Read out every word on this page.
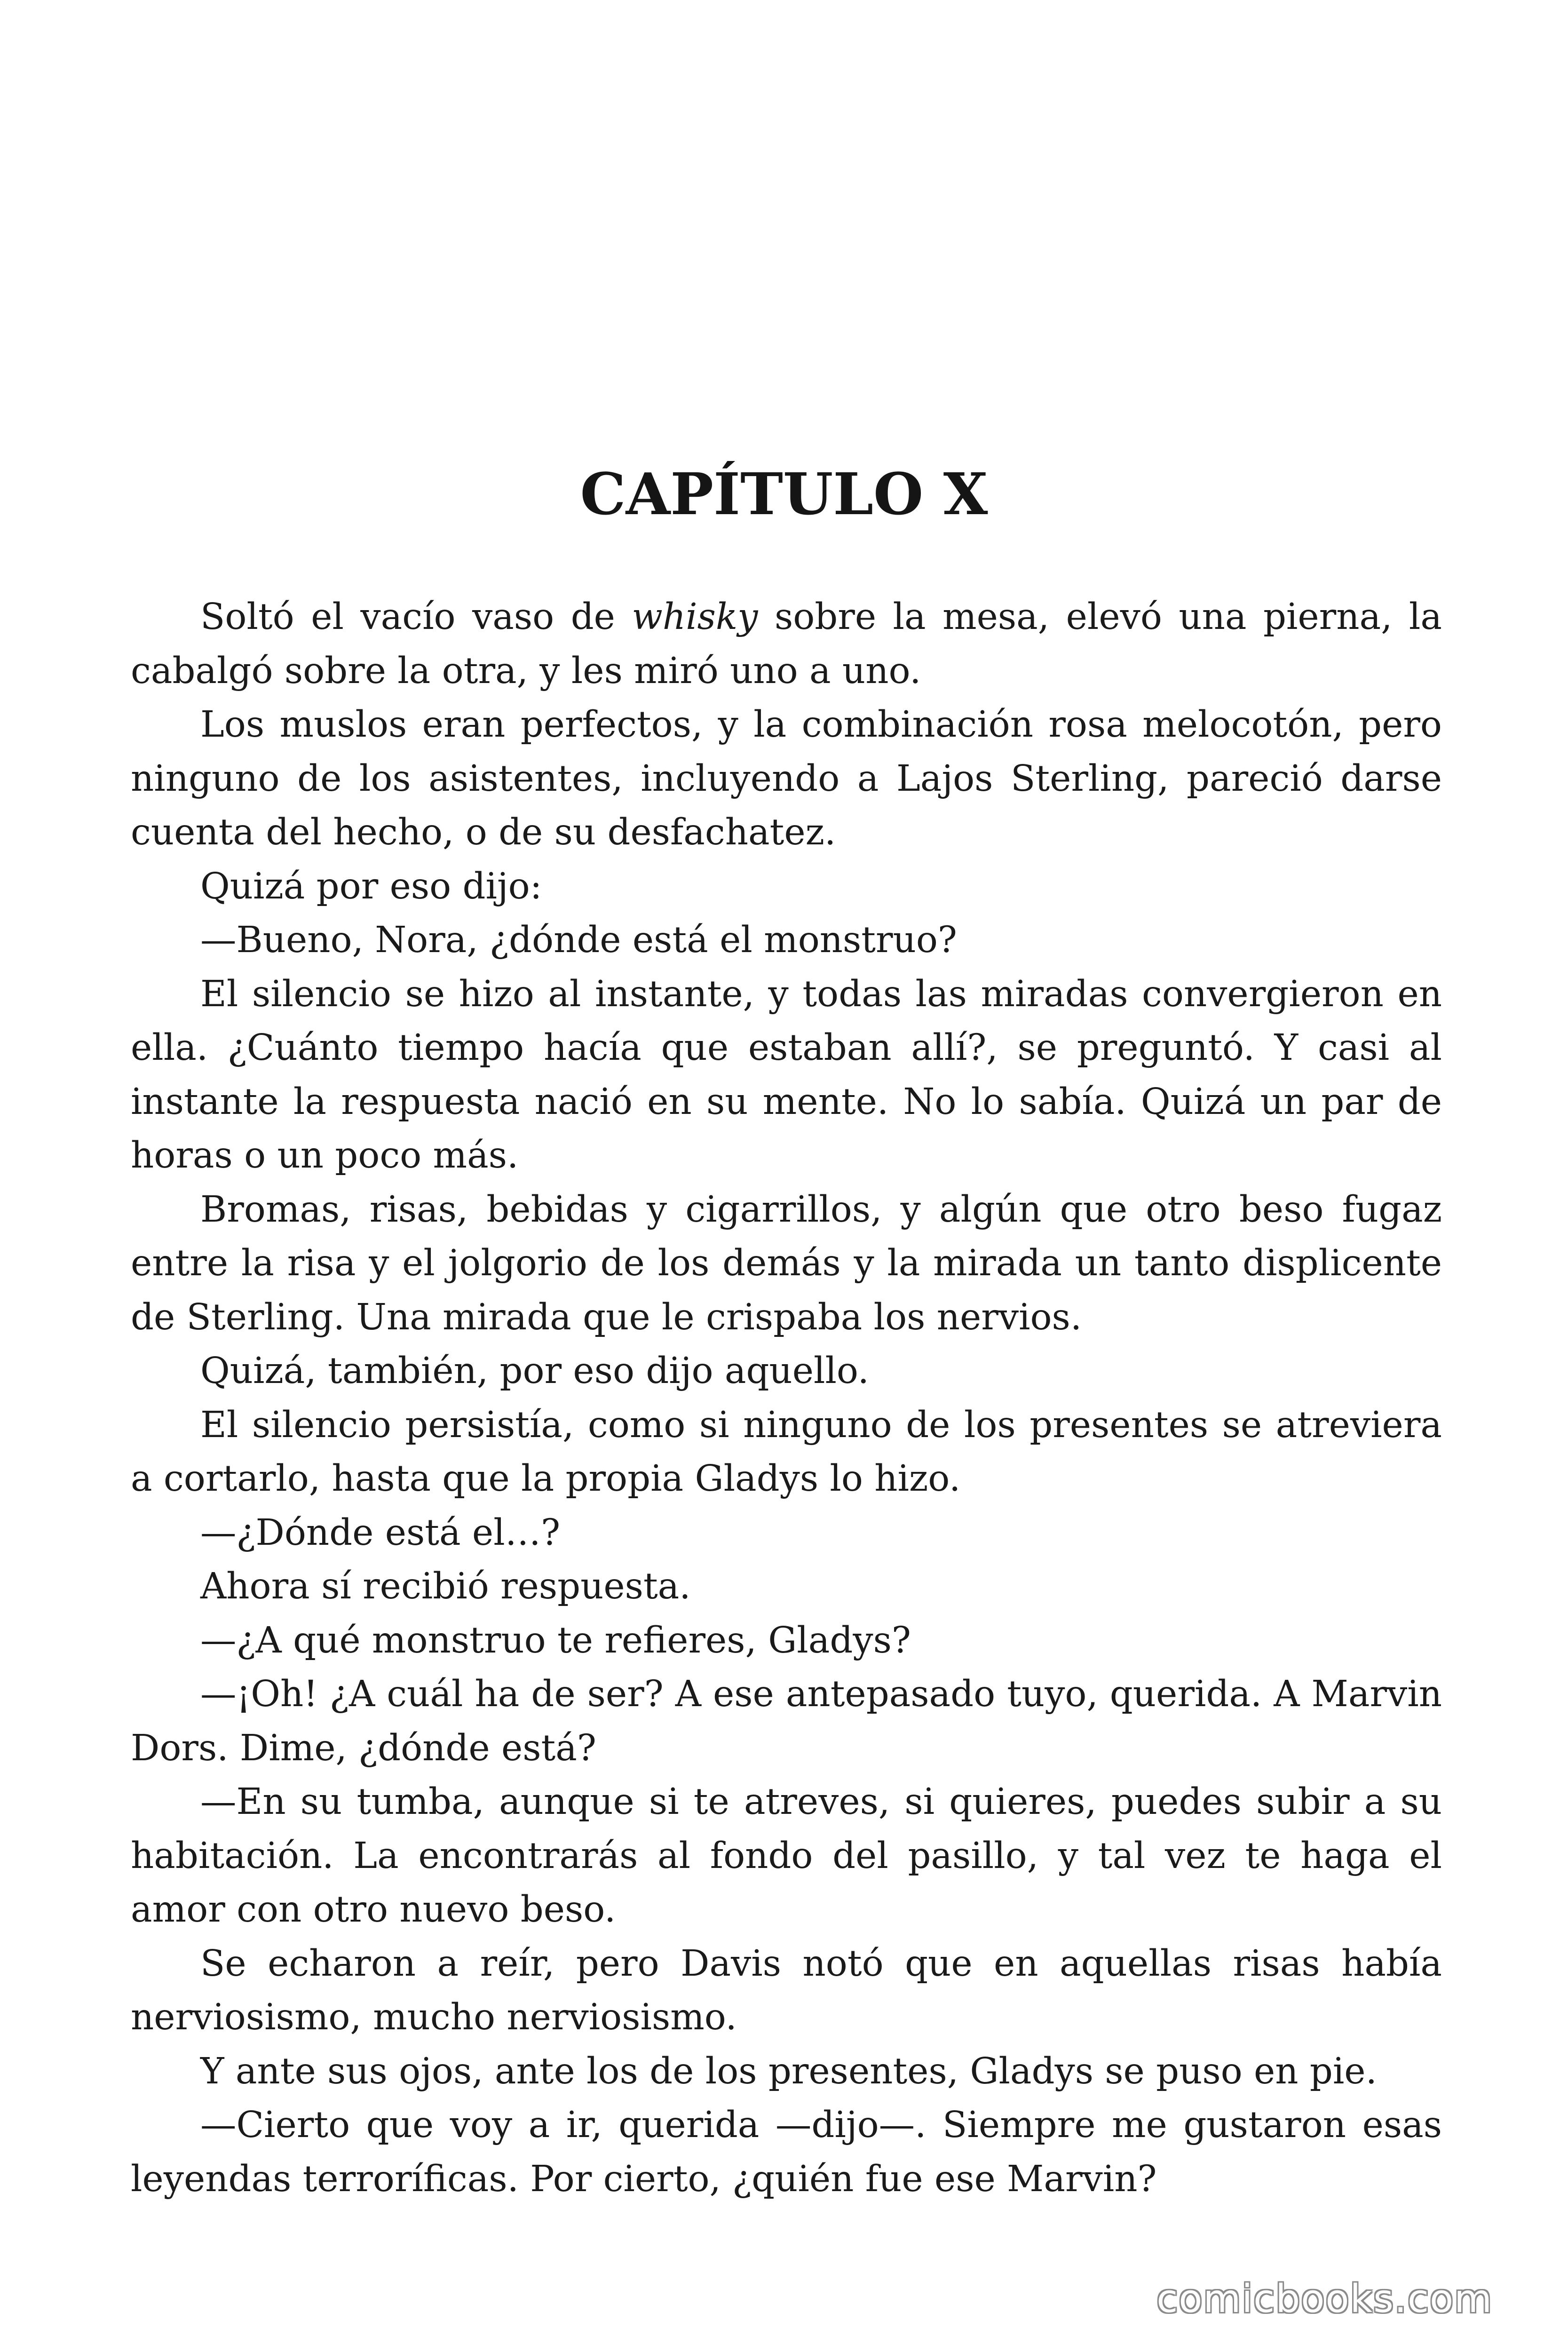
CAPÍTULO X

Soltó el vacío vaso de whisky sobre la mesa, elevó una pierna, la cabalgó sobre la otra, y les miró uno a uno.

Los muslos eran perfectos, y la combinación rosa melocotón, pero ninguno de los asistentes, incluyendo a Lajos Sterling, pareció darse cuenta del hecho, o de su desfachatez.

Quizá por eso dijo:

—Bueno, Nora, ¿dónde está el monstruo?

El silencio se hizo al instante, y todas las miradas convergieron en ella. ¿Cuánto tiempo hacía que estaban allí?, se preguntó. Y casi al instante la respuesta nació en su mente. No lo sabía. Quizá un par de horas o un poco más.

Bromas, risas, bebidas y cigarrillos, y algún que otro beso fugaz entre la risa y el jolgorio de los demás y la mirada un tanto displicente de Sterling. Una mirada que le crispaba los nervios.

Quizá, también, por eso dijo aquello.

El silencio persistía, como si ninguno de los presentes se atreviera a cortarlo, hasta que la propia Gladys lo hizo.

—¿Dónde está el…?

Ahora sí recibió respuesta.

—¿A qué monstruo te refieres, Gladys?

—¡Oh! ¿A cuál ha de ser? A ese antepasado tuyo, querida. A Marvin Dors. Dime, ¿dónde está?

—En su tumba, aunque si te atreves, si quieres, puedes subir a su habitación. La encontrarás al fondo del pasillo, y tal vez te haga el amor con otro nuevo beso.

Se echaron a reír, pero Davis notó que en aquellas risas había nerviosismo, mucho nerviosismo.

Y ante sus ojos, ante los de los presentes, Gladys se puso en pie.

—Cierto que voy a ir, querida —dijo—. Siempre me gustaron esas leyendas terroríficas. Por cierto, ¿quién fue ese Marvin?

comicbooks.com
